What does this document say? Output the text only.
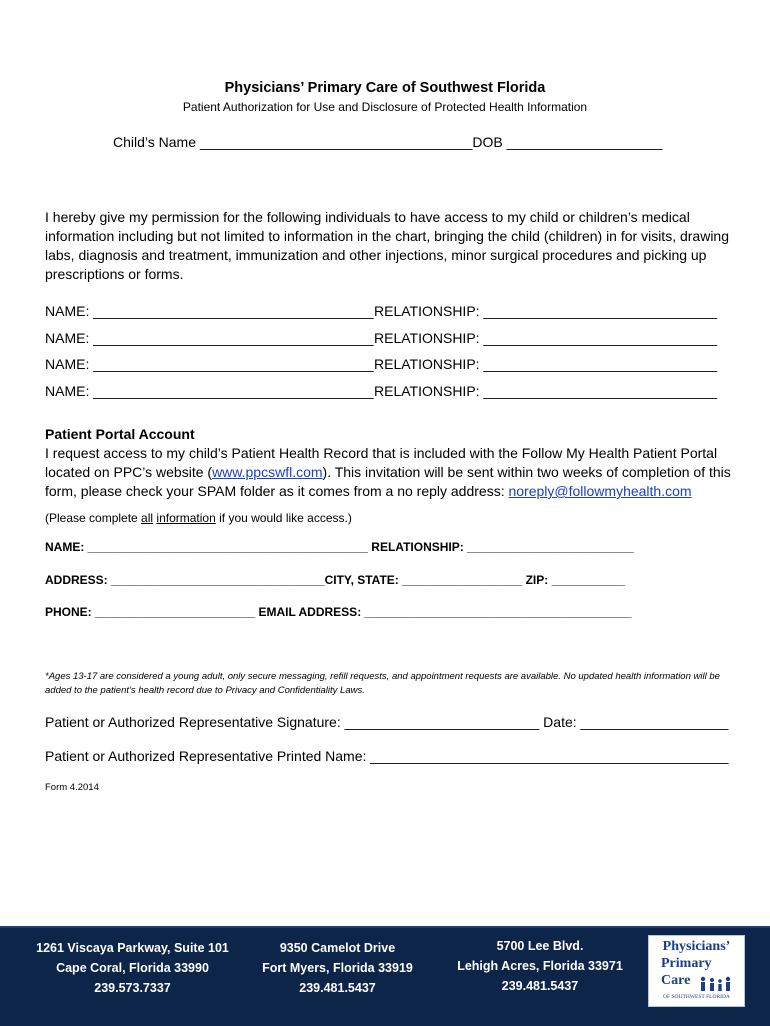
Physicians’ Primary Care of Southwest Florida
Patient Authorization for Use and Disclosure of Protected Health Information
Child’s Name ___________________________________DOB ____________________
I hereby give my permission for the following individuals to have access to my child or children’s medical information including but not limited to information in the chart, bringing the child (children) in for visits, drawing labs, diagnosis and treatment, immunization and other injections, minor surgical procedures and picking up prescriptions or forms.
NAME: ____________________________________ RELATIONSHIP: ______________________________
NAME: ____________________________________ RELATIONSHIP: ______________________________
NAME: ____________________________________ RELATIONSHIP: ______________________________
NAME: ____________________________________ RELATIONSHIP: ______________________________
Patient Portal Account
I request access to my child’s Patient Health Record that is included with the Follow My Health Patient Portal located on PPC’s website (www.ppcswfl.com). This invitation will be sent within two weeks of completion of this form, please check your SPAM folder as it comes from a no reply address: noreply@followmyhealth.com
(Please complete all information if you would like access.)
NAME: __________________________________________ RELATIONSHIP: _________________________
ADDRESS: ________________________________CITY, STATE: __________________ ZIP: ___________
PHONE: ________________________ EMAIL ADDRESS: ________________________________________
*Ages 13-17 are considered a young adult, only secure messaging, refill requests, and appointment requests are available. No updated health information will be added to the patient’s health record due to Privacy and Confidentiality Laws.
Patient or Authorized Representative Signature: _________________________ Date: ___________________
Patient or Authorized Representative Printed Name: ______________________________________________
Form 4.2014
1261 Viscaya Parkway, Suite 101
Cape Coral, Florida 33990
239.573.7337
9350 Camelot Drive
Fort Myers, Florida 33919
239.481.5437
5700 Lee Blvd.
Lehigh Acres, Florida 33971
239.481.5437
Physicians’
Primary
Care
OF SOUTHWEST FLORIDA
